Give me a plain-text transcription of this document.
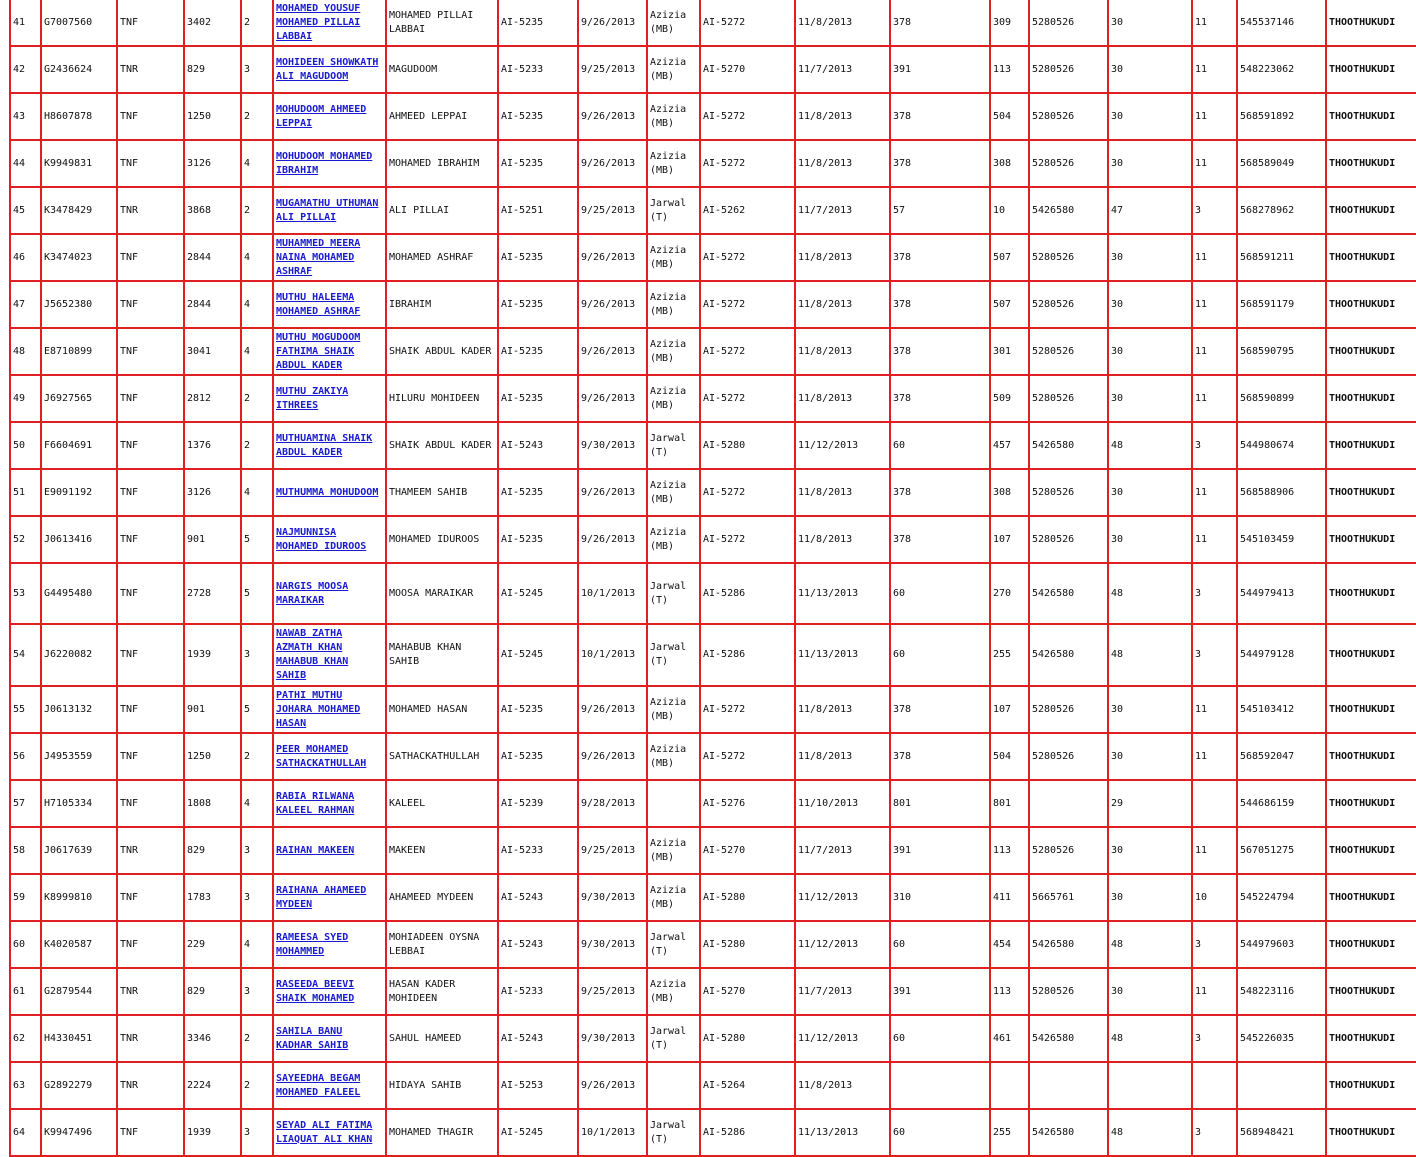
41	G7007560	TNF	3402	2	MOHAMED YOUSUF MOHAMED PILLAI LABBAI	MOHAMED PILLAI LABBAI	AI-5235	9/26/2013	Azizia (MB)	AI-5272	11/8/2013	378	309	5280526	30	11	545537146	THOOTHUKUDI
42	G2436624	TNR	829	3	MOHIDEEN SHOWKATH ALI MAGUDOOM	MAGUDOOM	AI-5233	9/25/2013	Azizia (MB)	AI-5270	11/7/2013	391	113	5280526	30	11	548223062	THOOTHUKUDI
43	H8607878	TNF	1250	2	MOHUDOOM AHMEED LEPPAI	AHMEED LEPPAI	AI-5235	9/26/2013	Azizia (MB)	AI-5272	11/8/2013	378	504	5280526	30	11	568591892	THOOTHUKUDI
44	K9949831	TNF	3126	4	MOHUDOOM MOHAMED IBRAHIM	MOHAMED IBRAHIM	AI-5235	9/26/2013	Azizia (MB)	AI-5272	11/8/2013	378	308	5280526	30	11	568589049	THOOTHUKUDI
45	K3478429	TNR	3868	2	MUGAMATHU UTHUMAN ALI PILLAI	ALI PILLAI	AI-5251	9/25/2013	Jarwal (T)	AI-5262	11/7/2013	57	10	5426580	47	3	568278962	THOOTHUKUDI
46	K3474023	TNF	2844	4	MUHAMMED MEERA NAINA MOHAMED ASHRAF	MOHAMED ASHRAF	AI-5235	9/26/2013	Azizia (MB)	AI-5272	11/8/2013	378	507	5280526	30	11	568591211	THOOTHUKUDI
47	J5652380	TNF	2844	4	MUTHU HALEEMA MOHAMED ASHRAF	IBRAHIM	AI-5235	9/26/2013	Azizia (MB)	AI-5272	11/8/2013	378	507	5280526	30	11	568591179	THOOTHUKUDI
48	E8710899	TNF	3041	4	MUTHU MOGUDOOM FATHIMA SHAIK ABDUL KADER	SHAIK ABDUL KADER	AI-5235	9/26/2013	Azizia (MB)	AI-5272	11/8/2013	378	301	5280526	30	11	568590795	THOOTHUKUDI
49	J6927565	TNF	2812	2	MUTHU ZAKIYA ITHREES	HILURU MOHIDEEN	AI-5235	9/26/2013	Azizia (MB)	AI-5272	11/8/2013	378	509	5280526	30	11	568590899	THOOTHUKUDI
50	F6604691	TNF	1376	2	MUTHUAMINA SHAIK ABDUL KADER	SHAIK ABDUL KADER	AI-5243	9/30/2013	Jarwal (T)	AI-5280	11/12/2013	60	457	5426580	48	3	544980674	THOOTHUKUDI
51	E9091192	TNF	3126	4	MUTHUMMA MOHUDOOM	THAMEEM SAHIB	AI-5235	9/26/2013	Azizia (MB)	AI-5272	11/8/2013	378	308	5280526	30	11	568588906	THOOTHUKUDI
52	J0613416	TNF	901	5	NAJMUNNISA MOHAMED IDUROOS	MOHAMED IDUROOS	AI-5235	9/26/2013	Azizia (MB)	AI-5272	11/8/2013	378	107	5280526	30	11	545103459	THOOTHUKUDI
53	G4495480	TNF	2728	5	NARGIS MOOSA MARAIKAR	MOOSA MARAIKAR	AI-5245	10/1/2013	Jarwal (T)	AI-5286	11/13/2013	60	270	5426580	48	3	544979413	THOOTHUKUDI
54	J6220082	TNF	1939	3	NAWAB ZATHA AZMATH KHAN MAHABUB KHAN SAHIB	MAHABUB KHAN SAHIB	AI-5245	10/1/2013	Jarwal (T)	AI-5286	11/13/2013	60	255	5426580	48	3	544979128	THOOTHUKUDI
55	J0613132	TNF	901	5	PATHI MUTHU JOHARA MOHAMED HASAN	MOHAMED HASAN	AI-5235	9/26/2013	Azizia (MB)	AI-5272	11/8/2013	378	107	5280526	30	11	545103412	THOOTHUKUDI
56	J4953559	TNF	1250	2	PEER MOHAMED SATHACKATHULLAH	SATHACKATHULLAH	AI-5235	9/26/2013	Azizia (MB)	AI-5272	11/8/2013	378	504	5280526	30	11	568592047	THOOTHUKUDI
57	H7105334	TNF	1808	4	RABIA RILWANA KALEEL RAHMAN	KALEEL	AI-5239	9/28/2013		AI-5276	11/10/2013	801	801		29		544686159	THOOTHUKUDI
58	J0617639	TNR	829	3	RAIHAN MAKEEN	MAKEEN	AI-5233	9/25/2013	Azizia (MB)	AI-5270	11/7/2013	391	113	5280526	30	11	567051275	THOOTHUKUDI
59	K8999810	TNF	1783	3	RAIHANA AHAMEED MYDEEN	AHAMEED MYDEEN	AI-5243	9/30/2013	Azizia (MB)	AI-5280	11/12/2013	310	411	5665761	30	10	545224794	THOOTHUKUDI
60	K4020587	TNF	229	4	RAMEESA SYED MOHAMMED	MOHIADEEN OYSNA LEBBAI	AI-5243	9/30/2013	Jarwal (T)	AI-5280	11/12/2013	60	454	5426580	48	3	544979603	THOOTHUKUDI
61	G2879544	TNR	829	3	RASEEDA BEEVI SHAIK MOHAMED	HASAN KADER MOHIDEEN	AI-5233	9/25/2013	Azizia (MB)	AI-5270	11/7/2013	391	113	5280526	30	11	548223116	THOOTHUKUDI
62	H4330451	TNR	3346	2	SAHILA BANU KADHAR SAHIB	SAHUL HAMEED	AI-5243	9/30/2013	Jarwal (T)	AI-5280	11/12/2013	60	461	5426580	48	3	545226035	THOOTHUKUDI
63	G2892279	TNR	2224	2	SAYEEDHA BEGAM MOHAMED FALEEL	HIDAYA SAHIB	AI-5253	9/26/2013		AI-5264	11/8/2013							THOOTHUKUDI
64	K9947496	TNF	1939	3	SEYAD ALI FATIMA LIAQUAT ALI KHAN	MOHAMED THAGIR	AI-5245	10/1/2013	Jarwal (T)	AI-5286	11/13/2013	60	255	5426580	48	3	568948421	THOOTHUKUDI
